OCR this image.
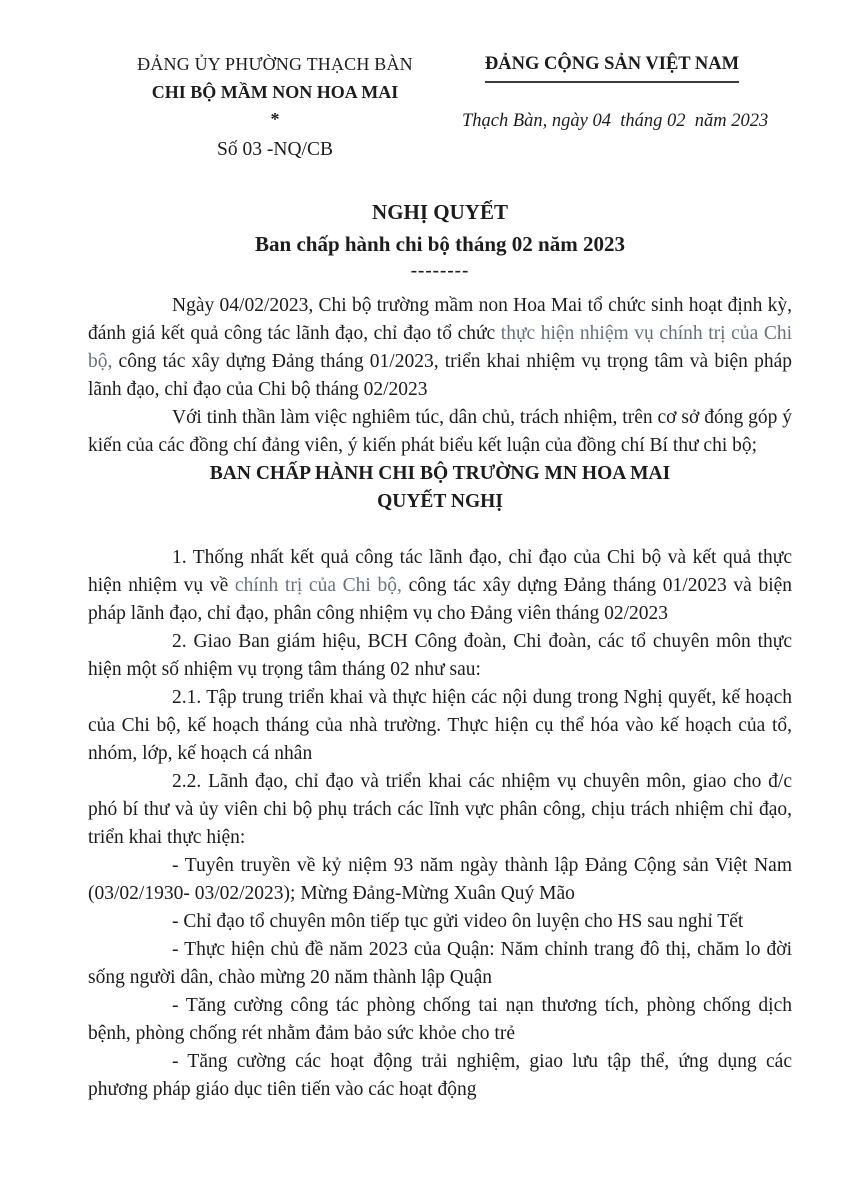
ĐẢNG ỦY PHƯỜNG THẠCH BÀN
CHI BỘ MẦM NON HOA MAI
*
Số 03 -NQ/CB
ĐẢNG CỘNG SẢN VIỆT NAM
Thạch Bàn, ngày 04  tháng 02  năm 2023
NGHỊ QUYẾT
Ban chấp hành chi bộ tháng 02 năm 2023
--------

Ngày 04/02/2023, Chi bộ trường mầm non Hoa Mai tổ chức sinh hoạt định kỳ, đánh giá kết quả công tác lãnh đạo, chỉ đạo tổ chức thực hiện nhiệm vụ chính trị của Chi bộ, công tác xây dựng Đảng tháng 01/2023, triển khai nhiệm vụ trọng tâm và biện pháp lãnh đạo, chỉ đạo của Chi bộ tháng 02/2023

Với tinh thần làm việc nghiêm túc, dân chủ, trách nhiệm, trên cơ sở đóng góp ý kiến của các đồng chí đảng viên, ý kiến phát biểu kết luận của đồng chí Bí thư chi bộ;

BAN CHẤP HÀNH CHI BỘ TRƯỜNG MN HOA MAI

QUYẾT NGHỊ

1. Thống nhất kết quả công tác lãnh đạo, chỉ đạo của Chi bộ và kết quả thực hiện nhiệm vụ về chính trị của Chi bộ, công tác xây dựng Đảng tháng 01/2023 và biện pháp lãnh đạo, chỉ đạo, phân công nhiệm vụ cho Đảng viên tháng 02/2023

2. Giao Ban giám hiệu, BCH Công đoàn, Chi đoàn, các tổ chuyên môn thực hiện một số nhiệm vụ trọng tâm tháng 02 như sau:

2.1. Tập trung triển khai và thực hiện các nội dung trong Nghị quyết, kế hoạch của Chi bộ, kế hoạch tháng của nhà trường. Thực hiện cụ thể hóa vào kế hoạch của tổ, nhóm, lớp, kế hoạch cá nhân

2.2. Lãnh đạo, chỉ đạo và triển khai các nhiệm vụ chuyên môn, giao cho đ/c phó bí thư và ủy viên chi bộ phụ trách các lĩnh vực phân công, chịu trách nhiệm chỉ đạo, triển khai thực hiện:

- Tuyên truyền về kỷ niệm 93 năm ngày thành lập Đảng Cộng sản Việt Nam (03/02/1930- 03/02/2023); Mừng Đảng-Mừng Xuân Quý Mão

- Chỉ đạo tổ chuyên môn tiếp tục gửi video ôn luyện cho HS sau nghỉ Tết

- Thực hiện chủ đề năm 2023 của Quận: Năm chỉnh trang đô thị, chăm lo đời sống người dân, chào mừng 20 năm thành lập Quận

- Tăng cường công tác phòng chống tai nạn thương tích, phòng chống dịch bệnh, phòng chống rét nhằm đảm bảo sức khỏe cho trẻ

- Tăng cường các hoạt động trải nghiệm, giao lưu tập thể, ứng dụng các phương pháp giáo dục tiên tiến vào các hoạt động
